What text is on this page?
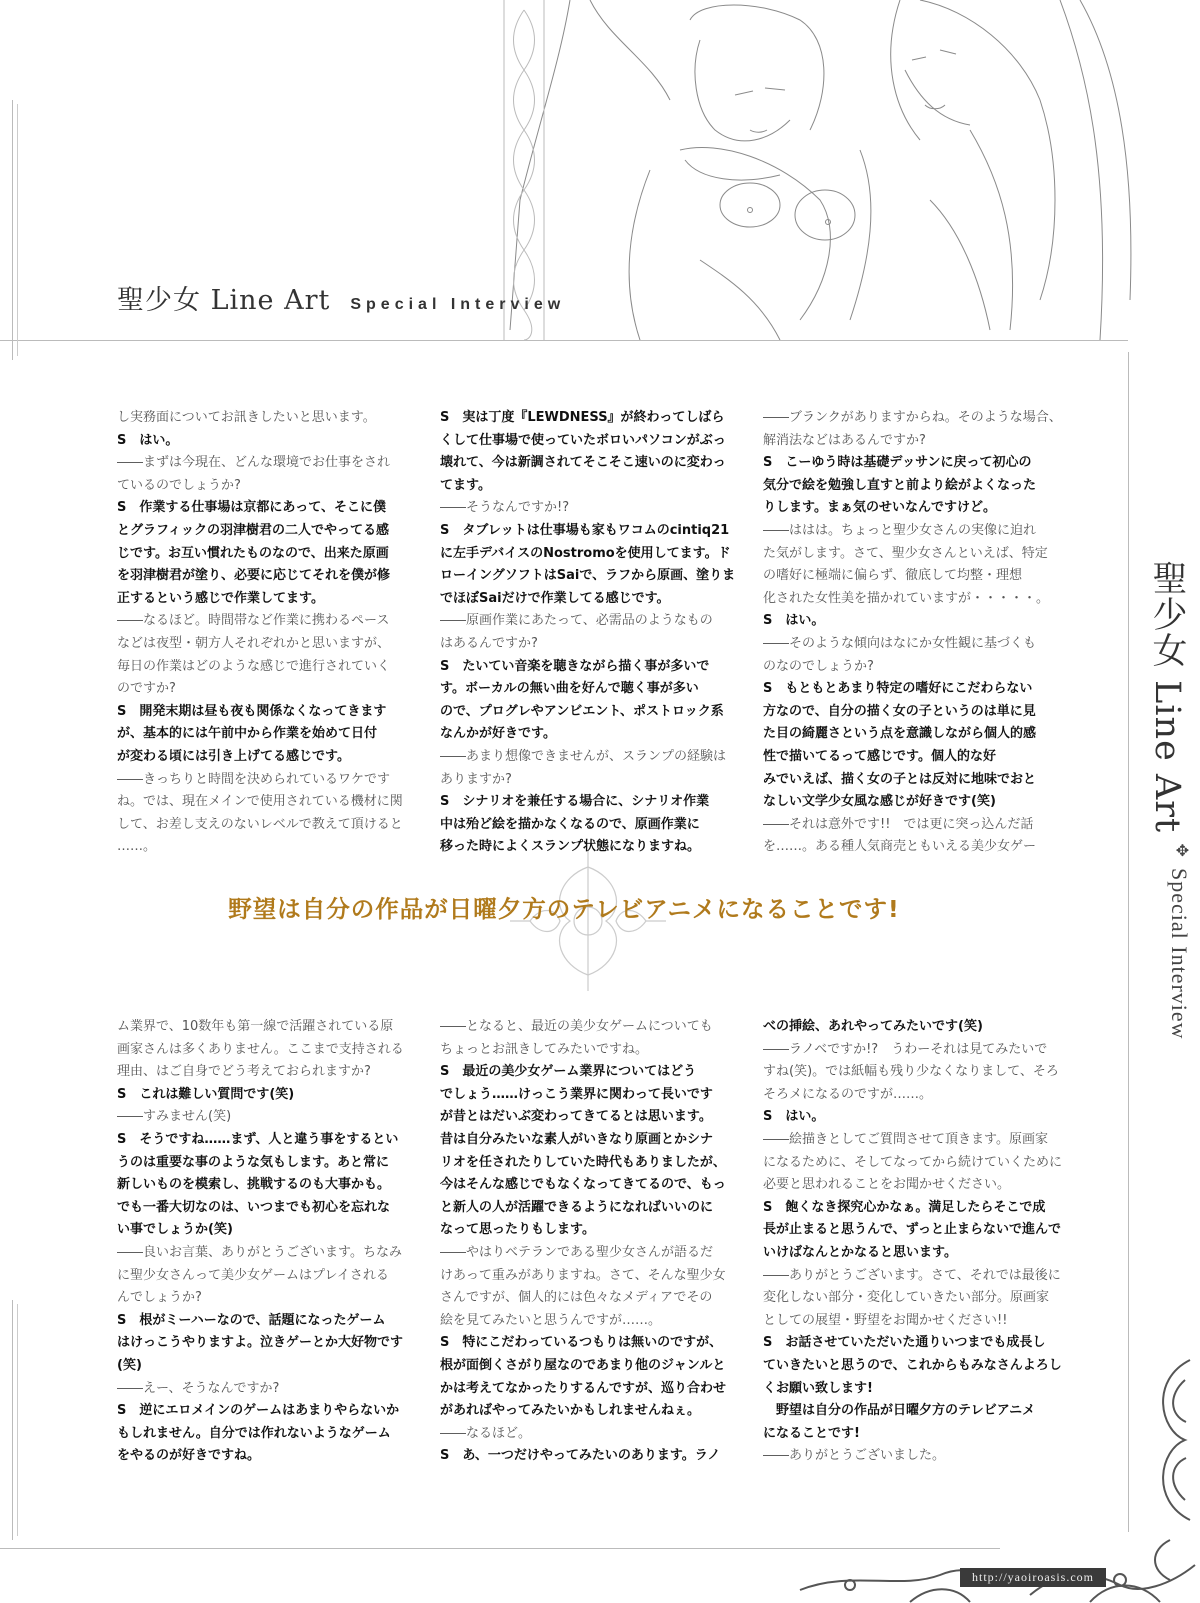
聖少女 Line Art Special Interview
聖少女 Line Art
✥
Special Interview

し実務面についてお訊きしたいと思います。

S　はい。

――まずは今現在、どんな環境でお仕事をされ

ているのでしょうか?

S　作業する仕事場は京都にあって、そこに僕

とグラフィックの羽津樹君の二人でやってる感

じです。お互い慣れたものなので、出来た原画

を羽津樹君が塗り、必要に応じてそれを僕が修

正するという感じで作業してます。

――なるほど。時間帯など作業に携わるペース

などは夜型・朝方人それぞれかと思いますが、

毎日の作業はどのような感じで進行されていく

のですか?

S　開発末期は昼も夜も関係なくなってきます

が、基本的には午前中から作業を始めて日付

が変わる頃には引き上げてる感じです。

――きっちりと時間を決められているワケです

ね。では、現在メインで使用されている機材に関

して、お差し支えのないレベルで教えて頂けると

……。

S　実は丁度『LEWDNESS』が終わってしばら

くして仕事場で使っていたボロいパソコンがぶっ

壊れて、今は新調されてそこそこ速いのに変わっ

てます。

――そうなんですか!?

S　タブレットは仕事場も家もワコムのcintiq21

に左手デバイスのNostromoを使用してます。ド

ローイングソフトはSaiで、ラフから原画、塗りま

でほぼSaiだけで作業してる感じです。

――原画作業にあたって、必需品のようなもの

はあるんですか?

S　たいてい音楽を聴きながら描く事が多いで

す。ボーカルの無い曲を好んで聴く事が多い

ので、プログレやアンビエント、ポストロック系

なんかが好きです。

――あまり想像できませんが、スランプの経験は

ありますか?

S　シナリオを兼任する場合に、シナリオ作業

中は殆ど絵を描かなくなるので、原画作業に

移った時によくスランプ状態になりますね。

――ブランクがありますからね。そのような場合、

解消法などはあるんですか?

S　こーゆう時は基礎デッサンに戻って初心の

気分で絵を勉強し直すと前より絵がよくなった

りします。まぁ気のせいなんですけど。

――ははは。ちょっと聖少女さんの実像に迫れ

た気がします。さて、聖少女さんといえば、特定

の嗜好に極端に偏らず、徹底して均整・理想

化された女性美を描かれていますが・・・・・。

S　はい。

――そのような傾向はなにか女性観に基づくも

のなのでしょうか?

S　もともとあまり特定の嗜好にこだわらない

方なので、自分の描く女の子というのは単に見

た目の綺麗さという点を意識しながら個人的感

性で描いてるって感じです。個人的な好

みでいえば、描く女の子とは反対に地味でおと

なしい文学少女風な感じが好きです(笑)

――それは意外です!!　では更に突っ込んだ話

を……。ある種人気商売ともいえる美少女ゲー

野望は自分の作品が日曜夕方のテレビアニメになることです!

ム業界で、10数年も第一線で活躍されている原

画家さんは多くありません。ここまで支持される

理由、はご自身でどう考えておられますか?

S　これは難しい質問です(笑)

――すみません(笑)

S　そうですね……まず、人と違う事をするとい

うのは重要な事のような気もします。あと常に

新しいものを模索し、挑戦するのも大事かも。

でも一番大切なのは、いつまでも初心を忘れな

い事でしょうか(笑)

――良いお言葉、ありがとうございます。ちなみ

に聖少女さんって美少女ゲームはプレイされる

んでしょうか?

S　根がミーハーなので、話題になったゲーム

はけっこうやりますよ。泣きゲーとか大好物です

(笑)

――えー、そうなんですか?

S　逆にエロメインのゲームはあまりやらないか

もしれません。自分では作れないようなゲーム

をやるのが好きですね。

――となると、最近の美少女ゲームについても

ちょっとお訊きしてみたいですね。

S　最近の美少女ゲーム業界についてはどう

でしょう……けっこう業界に関わって長いです

が昔とはだいぶ変わってきてるとは思います。

昔は自分みたいな素人がいきなり原画とかシナ

リオを任されたりしていた時代もありましたが、

今はそんな感じでもなくなってきてるので、もっ

と新人の人が活躍できるようになればいいのに

なって思ったりもします。

――やはりベテランである聖少女さんが語るだ

けあって重みがありますね。さて、そんな聖少女

さんですが、個人的には色々なメディアでその

絵を見てみたいと思うんですが……。

S　特にこだわっているつもりは無いのですが、

根が面倒くさがり屋なのであまり他のジャンルと

かは考えてなかったりするんですが、巡り合わせ

があればやってみたいかもしれませんねぇ。

――なるほど。

S　あ、一つだけやってみたいのあります。ラノ

べの挿絵、あれやってみたいです(笑)

――ラノベですか!?　うわーそれは見てみたいで

すね(笑)。では紙幅も残り少なくなりまして、そろ

そろメになるのですが……。

S　はい。

――絵描きとしてご質問させて頂きます。原画家

になるために、そしてなってから続けていくために

必要と思われることをお聞かせください。

S　飽くなき探究心かなぁ。満足したらそこで成

長が止まると思うんで、ずっと止まらないで進んで

いけばなんとかなると思います。

――ありがとうございます。さて、それでは最後に

変化しない部分・変化していきたい部分。原画家

としての展望・野望をお聞かせください!!

S　お話させていただいた通りいつまでも成長し

ていきたいと思うので、これからもみなさんよろし

くお願い致します!

　野望は自分の作品が日曜夕方のテレビアニメ

になることです!

――ありがとうございました。

http://yaoiroasis.com
